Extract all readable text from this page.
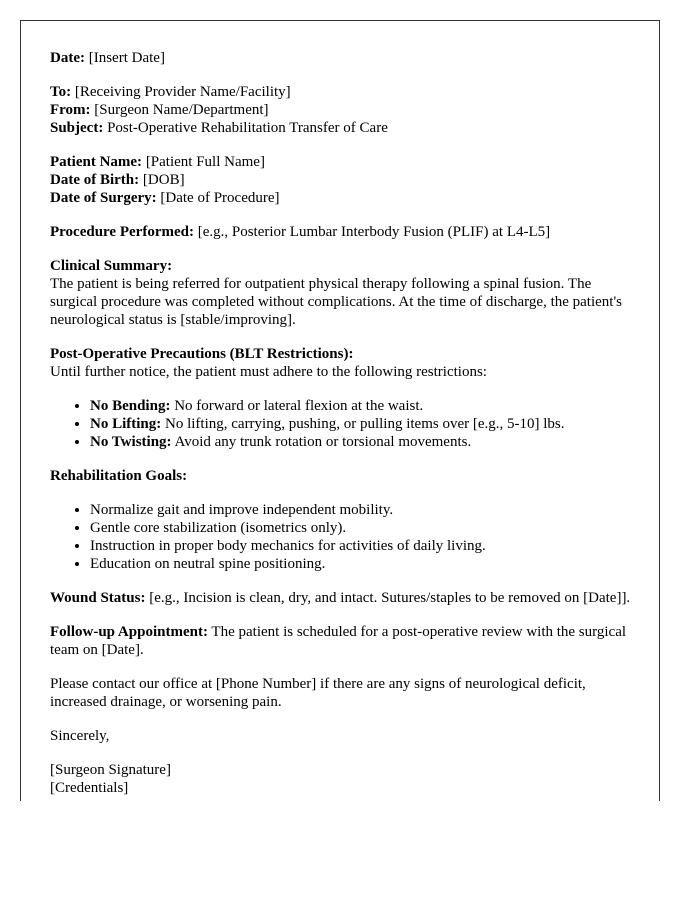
Date: [Insert Date]

To: [Receiving Provider Name/Facility]
From: [Surgeon Name/Department]
Subject: Post-Operative Rehabilitation Transfer of Care

Patient Name: [Patient Full Name]
Date of Birth: [DOB]
Date of Surgery: [Date of Procedure]

Procedure Performed: [e.g., Posterior Lumbar Interbody Fusion (PLIF) at L4-L5]

Clinical Summary:
The patient is being referred for outpatient physical therapy following a spinal fusion. The surgical procedure was completed without complications. At the time of discharge, the patient's neurological status is [stable/improving].

Post-Operative Precautions (BLT Restrictions):
Until further notice, the patient must adhere to the following restrictions:

• No Bending: No forward or lateral flexion at the waist.
• No Lifting: No lifting, carrying, pushing, or pulling items over [e.g., 5-10] lbs.
• No Twisting: Avoid any trunk rotation or torsional movements.

Rehabilitation Goals:

• Normalize gait and improve independent mobility.
• Gentle core stabilization (isometrics only).
• Instruction in proper body mechanics for activities of daily living.
• Education on neutral spine positioning.

Wound Status: [e.g., Incision is clean, dry, and intact. Sutures/staples to be removed on [Date]].

Follow-up Appointment: The patient is scheduled for a post-operative review with the surgical team on [Date].

Please contact our office at [Phone Number] if there are any signs of neurological deficit, increased drainage, or worsening pain.

Sincerely,

[Surgeon Signature]
[Credentials]
